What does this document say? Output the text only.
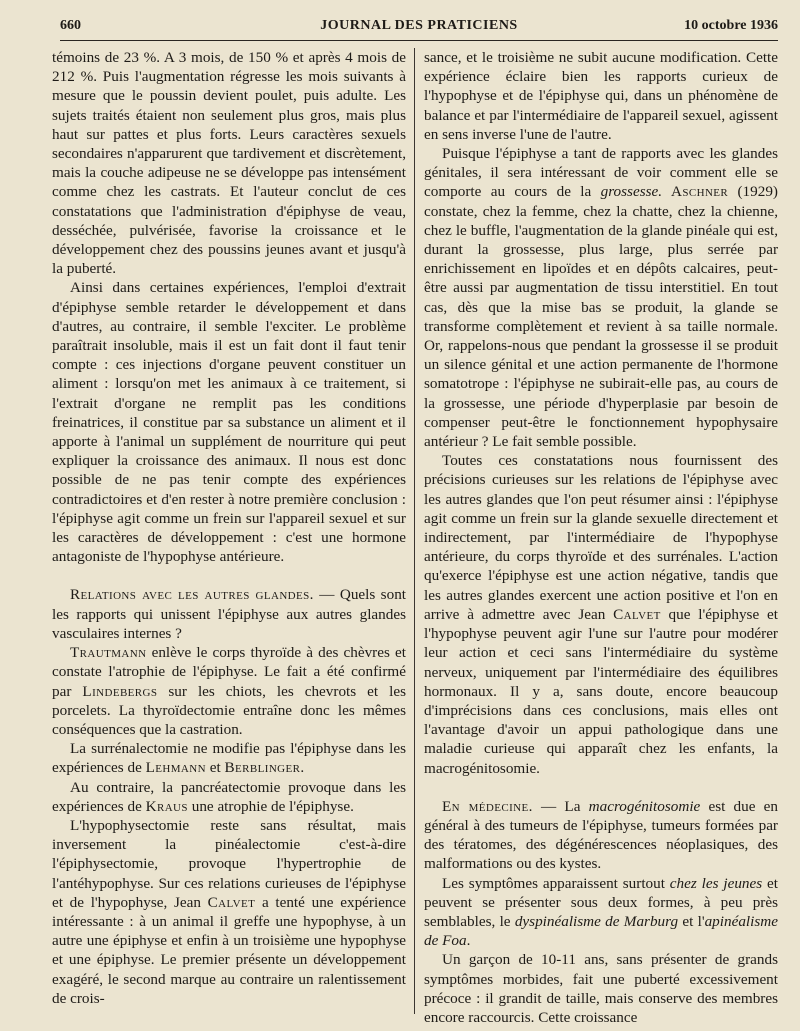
660	JOURNAL DES PRATICIENS	10 octobre 1936

témoins de 23 %. A 3 mois, de 150 % et après 4 mois de 212 %. Puis l'augmentation régresse les mois suivants à mesure que le poussin devient poulet, puis adulte. Les sujets traités étaient non seulement plus gros, mais plus haut sur pattes et plus forts. Leurs caractères sexuels secondaires n'apparurent que tardivement et discrètement, mais la couche adipeuse ne se développe pas intensément comme chez les castrats. Et l'auteur conclut de ces constatations que l'administration d'épiphyse de veau, desséchée, pulvérisée, favorise la croissance et le développement chez des poussins jeunes avant et jusqu'à la puberté.

Ainsi dans certaines expériences, l'emploi d'extrait d'épiphyse semble retarder le développement et dans d'autres, au contraire, il semble l'exciter. Le problème paraîtrait insoluble, mais il est un fait dont il faut tenir compte : ces injections d'organe peuvent constituer un aliment : lorsqu'on met les animaux à ce traitement, si l'extrait d'organe ne remplit pas les conditions freinatrices, il constitue par sa substance un aliment et il apporte à l'animal un supplément de nourriture qui peut expliquer la croissance des animaux. Il nous est donc possible de ne pas tenir compte des expériences contradictoires et d'en rester à notre première conclusion : l'épiphyse agit comme un frein sur l'appareil sexuel et sur les caractères de développement : c'est une hormone antagoniste de l'hypophyse antérieure.

Relations avec les autres glandes. — Quels sont les rapports qui unissent l'épiphyse aux autres glandes vasculaires internes ?

Trautmann enlève le corps thyroïde à des chèvres et constate l'atrophie de l'épiphyse. Le fait a été confirmé par Lindebergs sur les chiots, les chevrots et les porcelets. La thyroïdectomie entraîne donc les mêmes conséquences que la castration.

La surrénalectomie ne modifie pas l'épiphyse dans les expériences de Lehmann et Berblinger.

Au contraire, la pancréatectomie provoque dans les expériences de Kraus une atrophie de l'épiphyse.

L'hypophysectomie reste sans résultat, mais inversement la pinéalectomie c'est-à-dire l'épiphysectomie, provoque l'hypertrophie de l'antéhypophyse. Sur ces relations curieuses de l'épiphyse et de l'hypophyse, Jean Calvet a tenté une expérience intéressante : à un animal il greffe une hypophyse, à un autre une épiphyse et enfin à un troisième une hypophyse et une épiphyse. Le premier présente un développement exagéré, le second marque au contraire un ralentissement de crois-

sance, et le troisième ne subit aucune modification. Cette expérience éclaire bien les rapports curieux de l'hypophyse et de l'épiphyse qui, dans un phénomène de balance et par l'intermédiaire de l'appareil sexuel, agissent en sens inverse l'une de l'autre.

Puisque l'épiphyse a tant de rapports avec les glandes génitales, il sera intéressant de voir comment elle se comporte au cours de la grossesse. Aschner (1929) constate, chez la femme, chez la chatte, chez la chienne, chez le buffle, l'augmentation de la glande pinéale qui est, durant la grossesse, plus large, plus serrée par enrichissement en lipoïdes et en dépôts calcaires, peut-être aussi par augmentation de tissu interstitiel. En tout cas, dès que la mise bas se produit, la glande se transforme complètement et revient à sa taille normale. Or, rappelons-nous que pendant la grossesse il se produit un silence génital et une action permanente de l'hormone somatotrope : l'épiphyse ne subirait-elle pas, au cours de la grossesse, une période d'hyperplasie par besoin de compenser peut-être le fonctionnement hypophysaire antérieur ? Le fait semble possible.

Toutes ces constatations nous fournissent des précisions curieuses sur les relations de l'épiphyse avec les autres glandes que l'on peut résumer ainsi : l'épiphyse agit comme un frein sur la glande sexuelle directement et indirectement, par l'intermédiaire de l'hypophyse antérieure, du corps thyroïde et des surrénales. L'action qu'exerce l'épiphyse est une action négative, tandis que les autres glandes exercent une action positive et l'on en arrive à admettre avec Jean Calvet que l'épiphyse et l'hypophyse peuvent agir l'une sur l'autre pour modérer leur action et ceci sans l'intermédiaire du système nerveux, uniquement par l'intermédiaire des équilibres hormonaux. Il y a, sans doute, encore beaucoup d'imprécisions dans ces conclusions, mais elles ont l'avantage d'avoir un appui pathologique dans une maladie curieuse qui apparaît chez les enfants, la macrogénitosomie.

En médecine. — La macrogénitosomie est due en général à des tumeurs de l'épiphyse, tumeurs formées par des tératomes, des dégénérescences néoplasiques, des malformations ou des kystes.

Les symptômes apparaissent surtout chez les jeunes et peuvent se présenter sous deux formes, à peu près semblables, le dyspinéalisme de Marburg et l'apinéalisme de Foa.

Un garçon de 10-11 ans, sans présenter de grands symptômes morbides, fait une puberté excessivement précoce : il grandit de taille, mais conserve des membres encore raccourcis. Cette croissance
